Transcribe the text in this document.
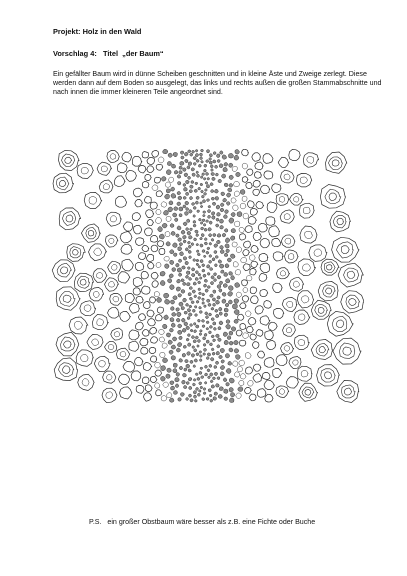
Projekt: Holz in den Wald

Vorschlag 4:   Titel  „der Baum“

Ein gefällter Baum wird in dünne Scheiben geschnitten und in kleine Äste und Zweige zerlegt. Diese werden dann auf dem Boden so ausgelegt, das links und rechts außen die großen Stammabschnitte und nach innen die immer kleineren Teile angeordnet sind.

P.S.   ein großer Obstbaum wäre besser als z.B. eine Fichte oder Buche
